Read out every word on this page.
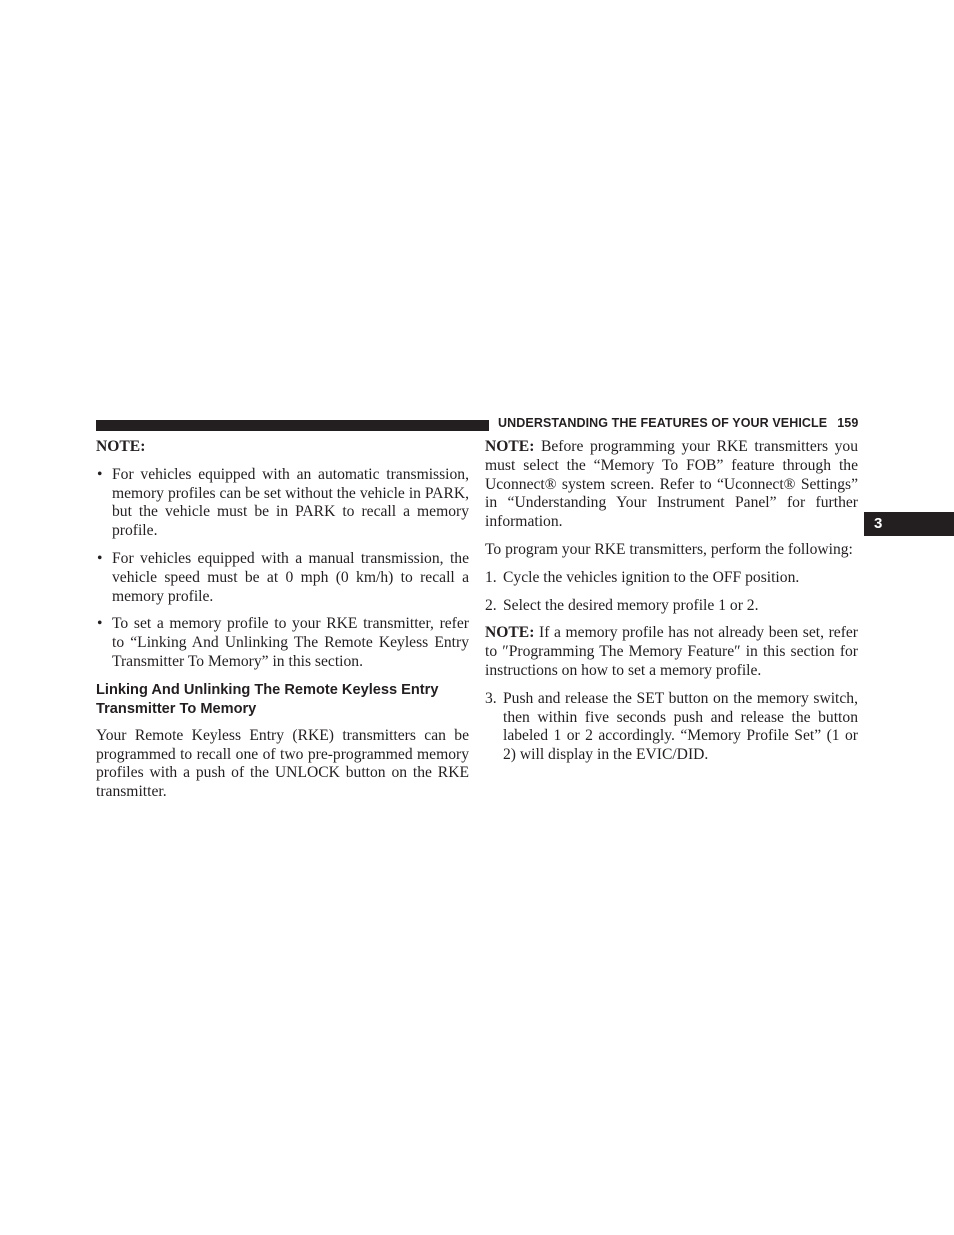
UNDERSTANDING THE FEATURES OF YOUR VEHICLE 159
3

NOTE:

• For vehicles equipped with an automatic transmission, memory profiles can be set without the vehicle in PARK, but the vehicle must be in PARK to recall a memory profile.
• For vehicles equipped with a manual transmission, the vehicle speed must be at 0 mph (0 km/h) to recall a memory profile.
• To set a memory profile to your RKE transmitter, refer to “Linking And Unlinking The Remote Keyless Entry Transmitter To Memory” in this section.
Linking And Unlinking The Remote Keyless Entry Transmitter To Memory

Your Remote Keyless Entry (RKE) transmitters can be programmed to recall one of two pre-programmed memory profiles with a push of the UNLOCK button on the RKE transmitter.

NOTE: Before programming your RKE transmitters you must select the “Memory To FOB” feature through the Uconnect® system screen. Refer to “Uconnect® Settings” in “Understanding Your Instrument Panel” for further information.

To program your RKE transmitters, perform the following:

1. Cycle the vehicles ignition to the OFF position.
2. Select the desired memory profile 1 or 2.

NOTE: If a memory profile has not already been set, refer to ″Programming The Memory Feature″ in this section for instructions on how to set a memory profile.

3. Push and release the SET button on the memory switch, then within five seconds push and release the button labeled 1 or 2 accordingly. “Memory Profile Set” (1 or 2) will display in the EVIC/DID.
